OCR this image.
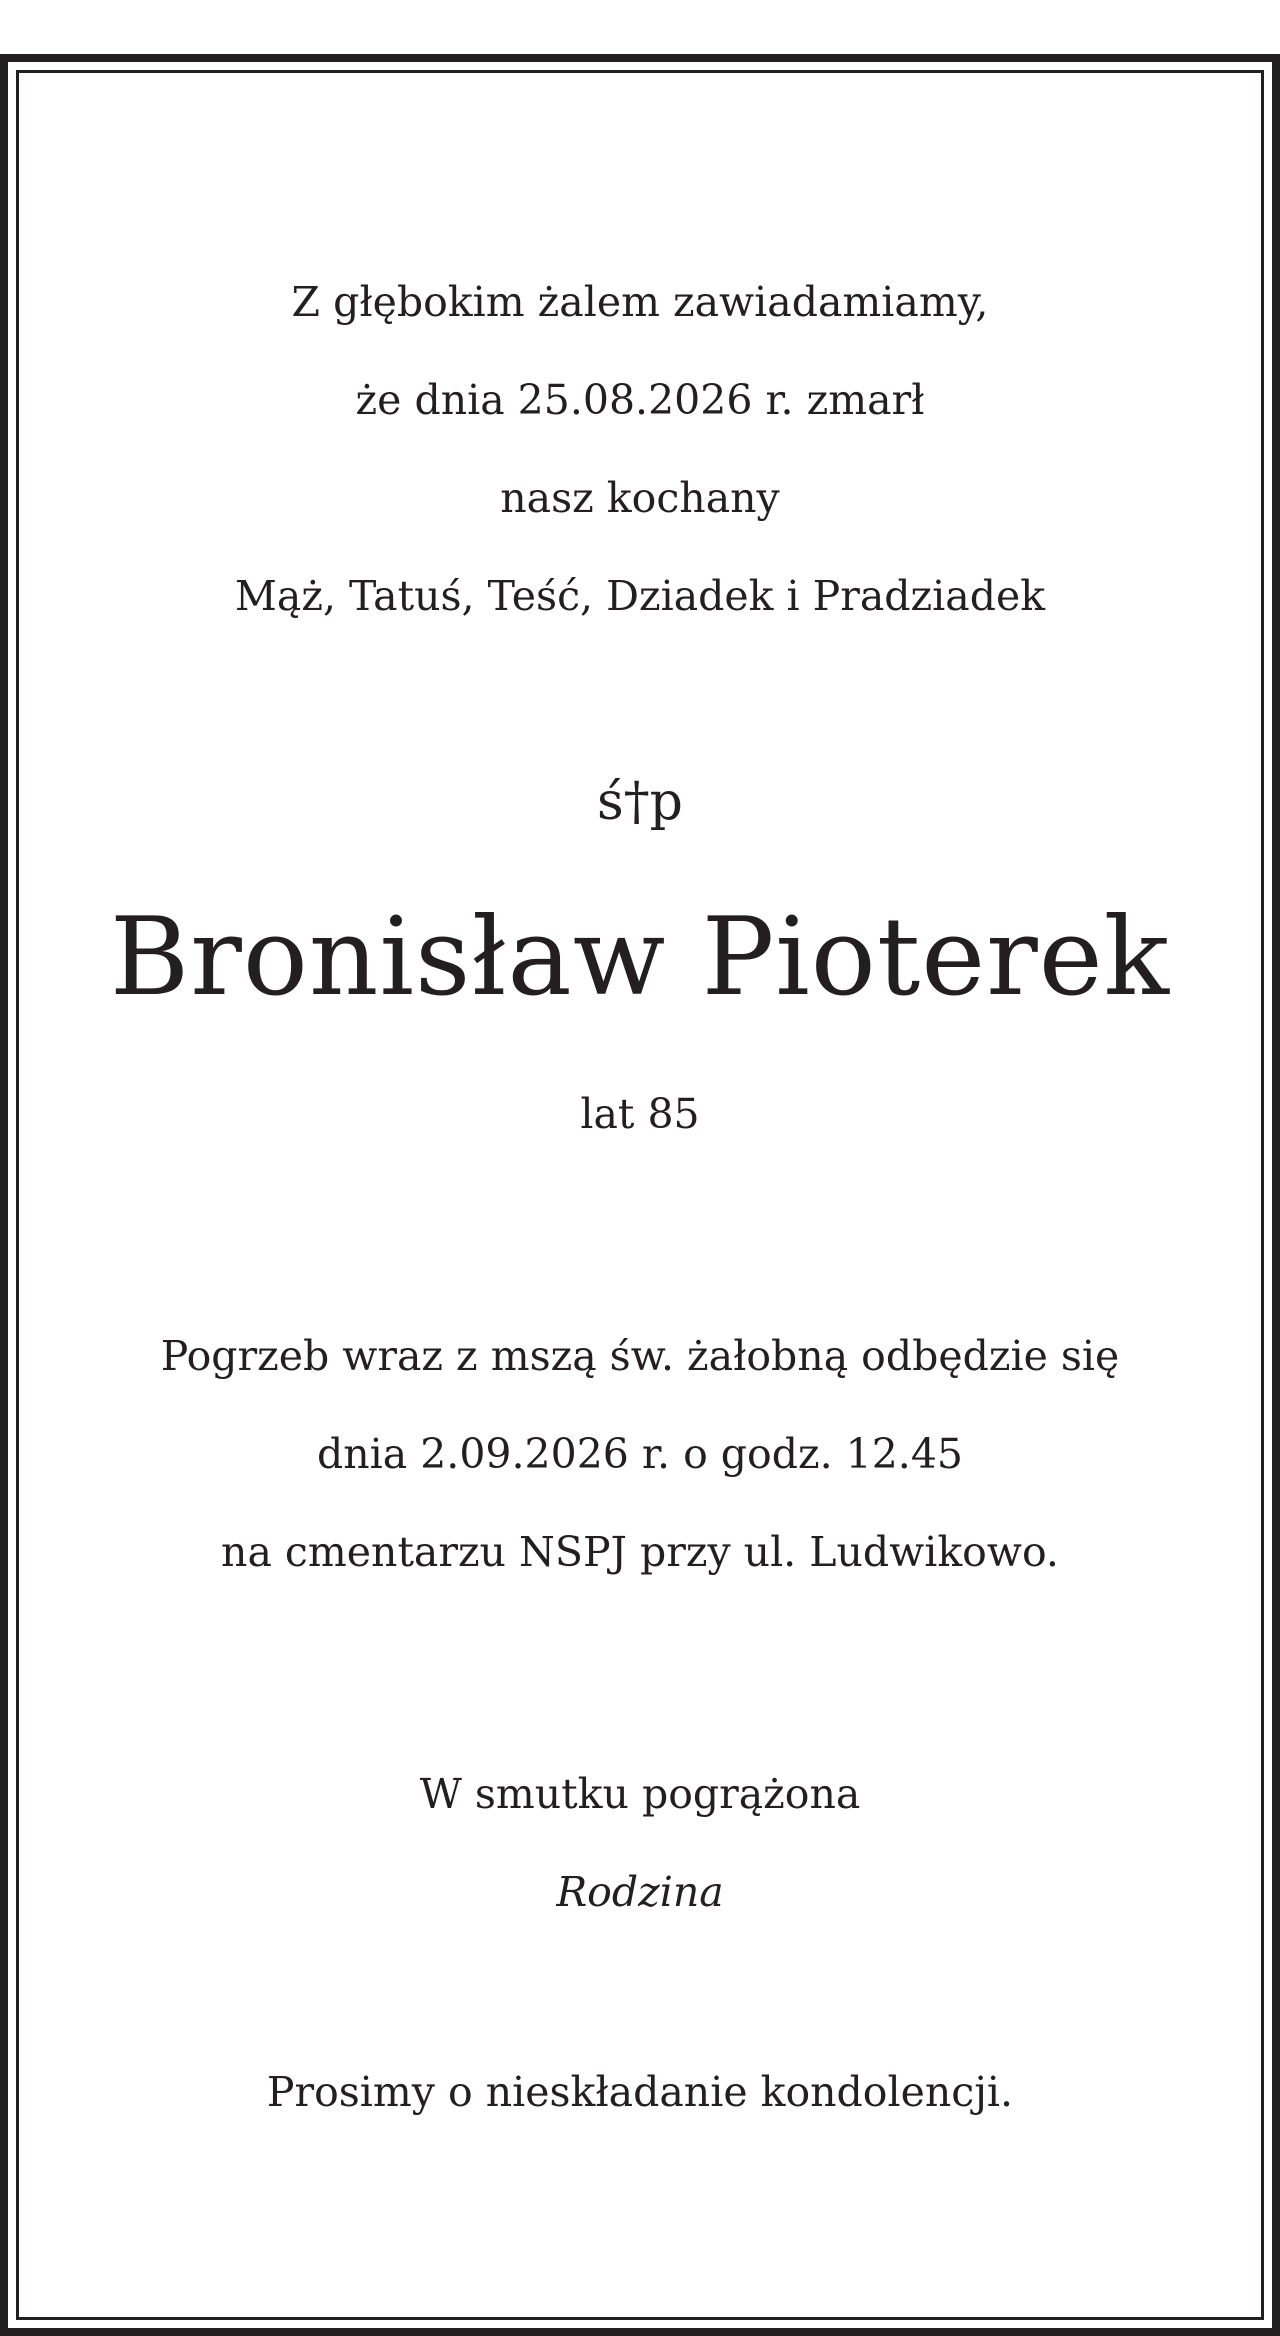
Z głębokim żalem zawiadamiamy,
że dnia 25.08.2026 r. zmarł
nasz kochany
Mąż, Tatuś, Teść, Dziadek i Pradziadek
ś†p
Bronisław Pioterek
lat 85
Pogrzeb wraz z mszą św. żałobną odbędzie się
dnia 2.09.2026 r. o godz. 12.45
na cmentarzu NSPJ przy ul. Ludwikowo.
W smutku pogrążona
Rodzina
Prosimy o nieskładanie kondolencji.
